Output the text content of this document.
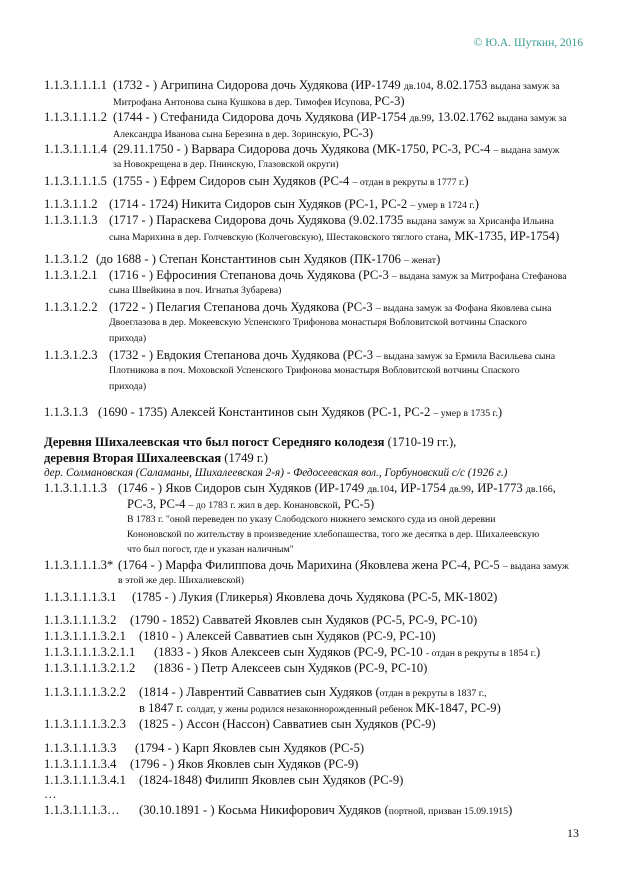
© Ю.А. Шуткин, 2016
1.1.3.1.1.1.1 (1732 - ) Агрипина Сидорова дочь Худякова (ИР-1749 дв.104, 8.02.1753 выдана замуж за
Митрофана Антонова сына Кушкова в дер. Тимофея Исупова, РС-3)
1.1.3.1.1.1.2 (1744 - ) Стефанида Сидорова дочь Худякова (ИР-1754 дв.99, 13.02.1762 выдана замуж за
Александра Иванова сына Березина в дер. Зоринскую, РС-3)
1.1.3.1.1.1.4 (29.11.1750 - ) Варвара Сидорова дочь Худякова (МК-1750, РС-3, РС-4 – выдана замуж
за Новокрещена в дер. Пнинскую, Глазовской округи)
1.1.3.1.1.1.5 (1755 - ) Ефрем Сидоров сын Худяков (РС-4 – отдан в рекруты в 1777 г.)
1.1.3.1.1.2 (1714 - 1724) Никита Сидоров сын Худяков (РС-1, РС-2 – умер в 1724 г.)
1.1.3.1.1.3 (1717 - ) Параскева Сидорова дочь Худякова (9.02.1735 выдана замуж за Хрисанфа Ильина
сына Марихина в дер. Голчевскую (Колчеговскую), Шестаковского тяглого стана, МК-1735, ИР-1754)
1.1.3.1.2 (до 1688 - ) Степан Константинов сын Худяков (ПК-1706 – женат)
1.1.3.1.2.1 (1716 - ) Ефросиния Степанова дочь Худякова (РС-3 – выдана замуж за Митрофана Стефанова
сына Швейкина в поч. Игнатья Зубарева)
1.1.3.1.2.2 (1722 - ) Пелагия Степанова дочь Худякова (РС-3 – выдана замуж за Фофана Яковлева сына
Двоеглазова в дер. Мокеевскую Успенского Трифонова монастыря Вобловитской вотчины Спаского
прихода)
1.1.3.1.2.3 (1732 - ) Евдокия Степанова дочь Худякова (РС-3 – выдана замуж за Ермила Васильева сына
Плотникова в поч. Моховской Успенского Трифонова монастыря Вобловитской вотчины Спаского
прихода)
1.1.3.1.3 (1690 - 1735) Алексей Константинов сын Худяков (РС-1, РС-2 – умер в 1735 г.)
Деревня Шихалеевская что был погост Середняго колодезя (1710-19 гг.),
деревня Вторая Шихалеевская (1749 г.)
дер. Солмановская (Саламаны, Шихалеевская 2-я) - Федосеевская вол., Горбуновский с/с (1926 г.)
1.1.3.1.1.1.3 (1746 - ) Яков Сидоров сын Худяков (ИР-1749 дв.104, ИР-1754 дв.99, ИР-1773 дв.166,
РС-3, РС-4 – до 1783 г. жил в дер. Конановской, РС-5)
В 1783 г. "оной переведен по указу Слободского нижнего земского суда из оной деревни
Кононовской по жительству в произведение хлебопашества, того же десятка в дер. Шихалеевскую
что был погост, где и указан наличным"
1.1.3.1.1.1.3* (1764 - ) Марфа Филиппова дочь Марихина (Яковлева жена РС-4, РС-5 – выдана замуж
в этой же дер. Шихалиевской)
1.1.3.1.1.1.3.1 (1785 - ) Лукия (Гликерья) Яковлева дочь Худякова (РС-5, МК-1802)
1.1.3.1.1.1.3.2 (1790 - 1852) Савватей Яковлев сын Худяков (РС-5, РС-9, РС-10)
1.1.3.1.1.1.3.2.1 (1810 - ) Алексей Савватиев сын Худяков (РС-9, РС-10)
1.1.3.1.1.1.3.2.1.1 (1833 - ) Яков Алексеев сын Худяков (РС-9, РС-10 - отдан в рекруты в 1854 г.)
1.1.3.1.1.1.3.2.1.2 (1836 - ) Петр Алексеев сын Худяков (РС-9, РС-10)
1.1.3.1.1.1.3.2.2 (1814 - ) Лаврентий Савватиев сын Худяков (отдан в рекруты в 1837 г.,
в 1847 г. солдат, у жены родился незаконнорожденный ребенок МК-1847, РС-9)
1.1.3.1.1.1.3.2.3 (1825 - ) Ассон (Нассон) Савватиев сын Худяков (РС-9)
1.1.3.1.1.1.3.3 (1794 - ) Карп Яковлев сын Худяков (РС-5)
1.1.3.1.1.1.3.4 (1796 - ) Яков Яковлев сын Худяков (РС-9)
1.1.3.1.1.1.3.4.1 (1824-1848) Филипп Яковлев сын Худяков (РС-9)
…
1.1.3.1.1.1.3… (30.10.1891 - ) Косьма Никифорович Худяков (портной, призван 15.09.1915)
13
